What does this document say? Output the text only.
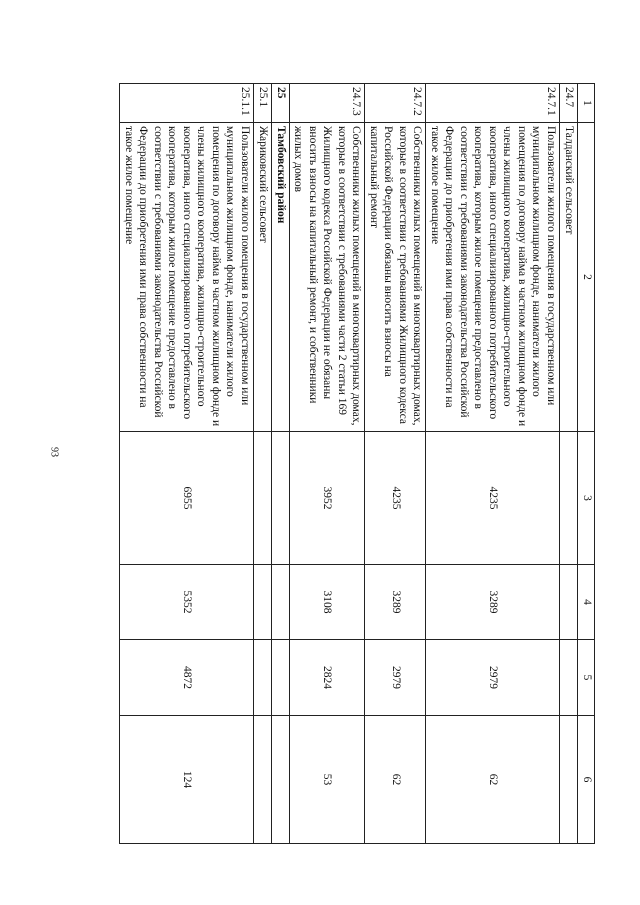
93
1	2	3	4	5	6
24.7	Талданский сельсовет				
24.7.1	Пользователи жилого помещения в государственном или муниципальном жилищном фонде, наниматели жилого помещения по договору найма в частном жилищном фонде и члены жилищного кооператива, жилищно-строительного кооператива, иного специализированного потребительского кооператива, которым жилое помещение предоставлено в соответствии с требованиями законодательства Российской Федерации до приобретения ими права собственности на такое жилое помещение	4235	3289	2979	62
24.7.2	Собственники жилых помещений в многоквартирных домах, которые в соответствии с требованиями Жилищного кодекса Российской Федерации обязаны вносить взносы на капитальный ремонт	4235	3289	2979	62
24.7.3	Собственники жилых помещений в многоквартирных домах, которые в соответствии с требованиями части 2 статьи 169 Жилищного кодекса Российской Федерации не обязаны вносить взносы на капитальный ремонт, и собственники жилых домов	3952	3108	2824	53
25	Тамбовский район				
25.1	Жариковский сельсовет				
25.1.1	Пользователи жилого помещения в государственном или муниципальном жилищном фонде, наниматели жилого помещения по договору найма в частном жилищном фонде и члены жилищного кооператива, жилищно-строительного кооператива, иного специализированного потребительского кооператива, которым жилое помещение предоставлено в соответствии с требованиями законодательства Российской Федерации до приобретения ими права собственности на такое жилое помещение	6955	5352	4872	124
